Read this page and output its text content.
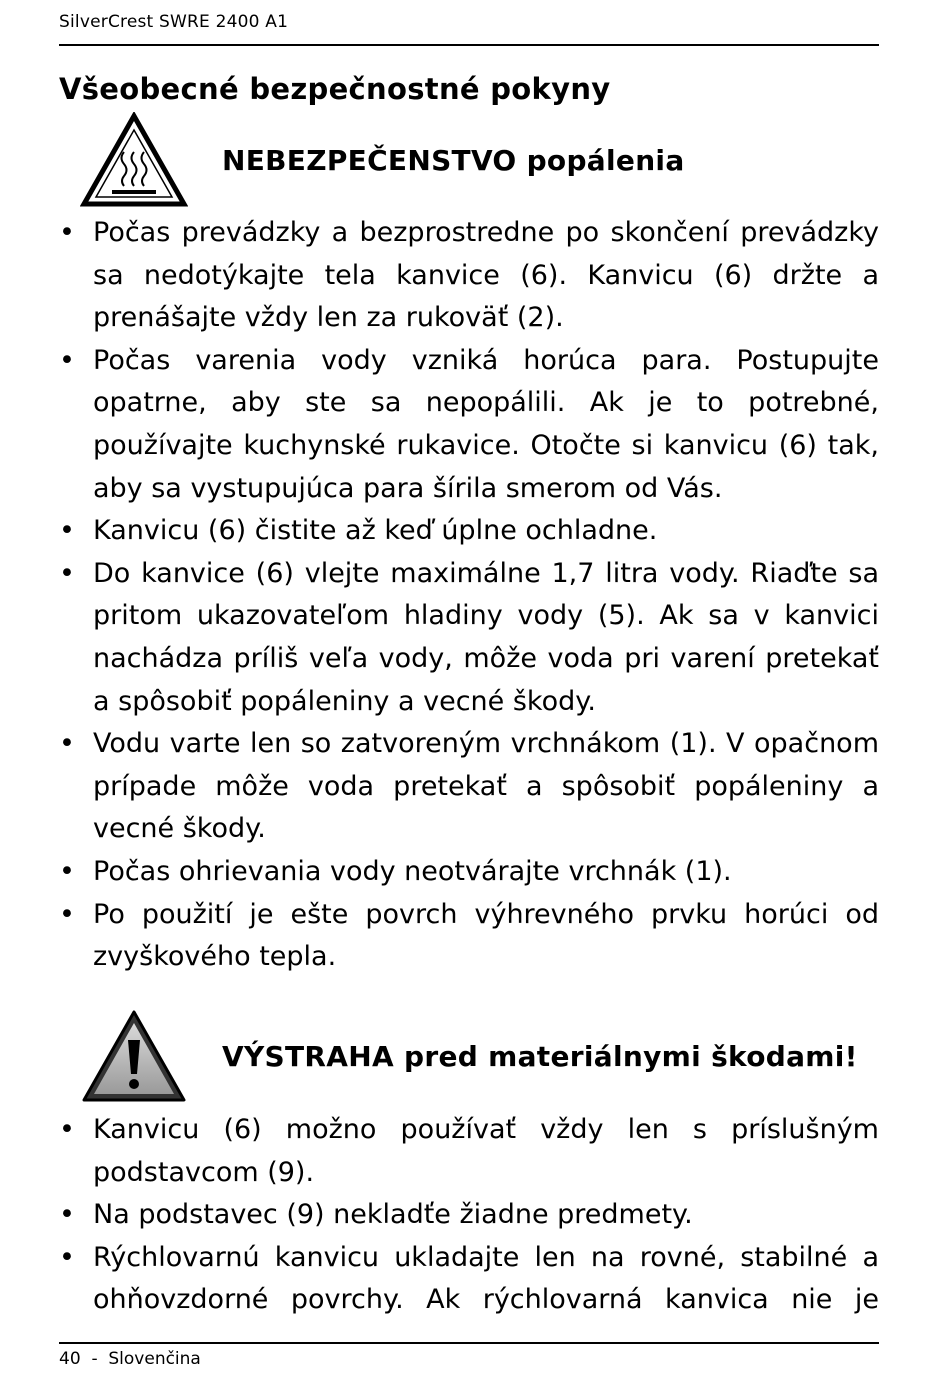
SilverCrest SWRE 2400 A1
Všeobecné bezpečnostné pokyny
NEBEZPEČENSTVO popálenia
• Počas prevádzky a bezprostredne po skončení prevádzky sa nedotýkajte tela kanvice (6). Kanvicu (6) držte a prenášajte vždy len za rukoväť (2).
• Počas varenia vody vzniká horúca para. Postupujte opatrne, aby ste sa nepopálili. Ak je to potrebné, používajte kuchynské rukavice. Otočte si kanvicu (6) tak, aby sa vystupujúca para šírila smerom od Vás.
• Kanvicu (6) čistite až keď úplne ochladne.
• Do kanvice (6) vlejte maximálne 1,7 litra vody. Riaďte sa pritom ukazovateľom hladiny vody (5). Ak sa v kanvici nachádza príliš veľa vody, môže voda pri varení pretekať a spôsobiť popáleniny a vecné škody.
• Vodu varte len so zatvoreným vrchnákom (1). V opačnom prípade môže voda pretekať a spôsobiť popáleniny a vecné škody.
• Počas ohrievania vody neotvárajte vrchnák (1).
• Po použití je ešte povrch výhrevného prvku horúci od zvyškového tepla.
VÝSTRAHA pred materiálnymi škodami!
• Kanvicu (6) možno používať vždy len s príslušným podstavcom (9).
• Na podstavec (9) nekladťe žiadne predmety.
• Rýchlovarnú kanvicu ukladajte len na rovné, stabilné a ohňovzdorné povrchy. Ak rýchlovarná kanvica nie je
40  -  Slovenčina
